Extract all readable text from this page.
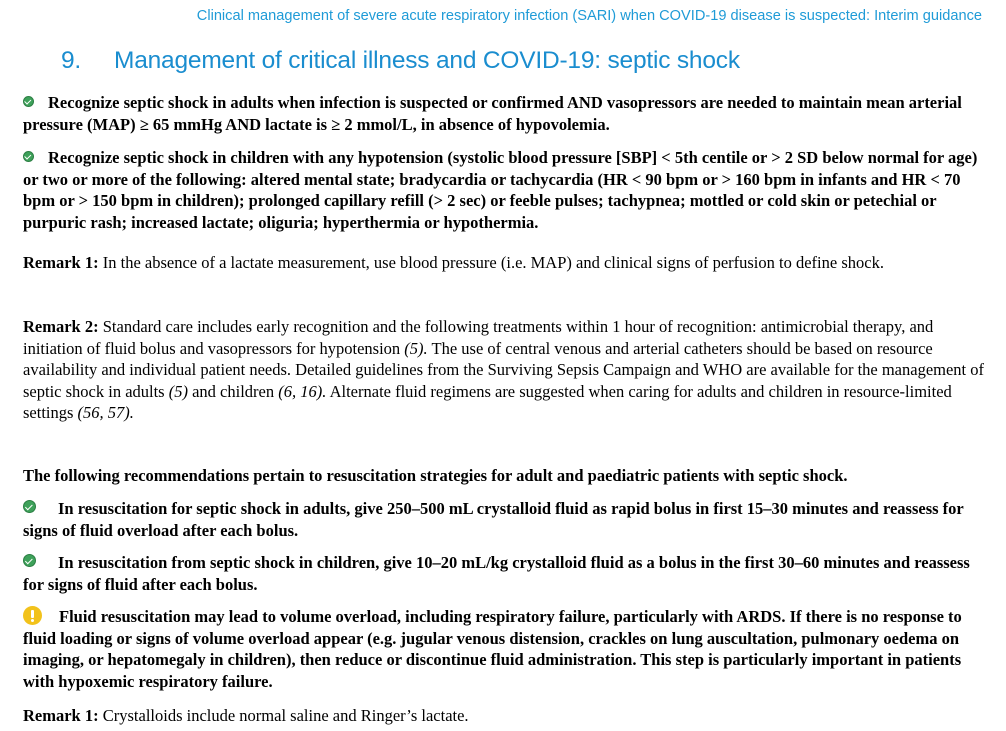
Clinical management of severe acute respiratory infection (SARI) when COVID-19 disease is suspected: Interim guidance
9. Management of critical illness and COVID-19: septic shock
Recognize septic shock in adults when infection is suspected or confirmed AND vasopressors are needed to maintain mean arterial pressure (MAP) ≥ 65 mmHg AND lactate is ≥ 2 mmol/L, in absence of hypovolemia.
Recognize septic shock in children with any hypotension (systolic blood pressure [SBP] < 5th centile or > 2 SD below normal for age) or two or more of the following: altered mental state; bradycardia or tachycardia (HR < 90 bpm or > 160 bpm in infants and HR < 70 bpm or > 150 bpm in children); prolonged capillary refill (> 2 sec) or feeble pulses; tachypnea; mottled or cold skin or petechial or purpuric rash; increased lactate; oliguria; hyperthermia or hypothermia.
Remark 1: In the absence of a lactate measurement, use blood pressure (i.e. MAP) and clinical signs of perfusion to define shock.
Remark 2: Standard care includes early recognition and the following treatments within 1 hour of recognition: antimicrobial therapy, and initiation of fluid bolus and vasopressors for hypotension (5). The use of central venous and arterial catheters should be based on resource availability and individual patient needs. Detailed guidelines from the Surviving Sepsis Campaign and WHO are available for the management of septic shock in adults (5) and children (6, 16). Alternate fluid regimens are suggested when caring for adults and children in resource-limited settings (56, 57).
The following recommendations pertain to resuscitation strategies for adult and paediatric patients with septic shock.
In resuscitation for septic shock in adults, give 250–500 mL crystalloid fluid as rapid bolus in first 15–30 minutes and reassess for signs of fluid overload after each bolus.
In resuscitation from septic shock in children, give 10–20 mL/kg crystalloid fluid as a bolus in the first 30–60 minutes and reassess for signs of fluid after each bolus.
Fluid resuscitation may lead to volume overload, including respiratory failure, particularly with ARDS. If there is no response to fluid loading or signs of volume overload appear (e.g. jugular venous distension, crackles on lung auscultation, pulmonary oedema on imaging, or hepatomegaly in children), then reduce or discontinue fluid administration. This step is particularly important in patients with hypoxemic respiratory failure.
Remark 1: Crystalloids include normal saline and Ringer’s lactate.
